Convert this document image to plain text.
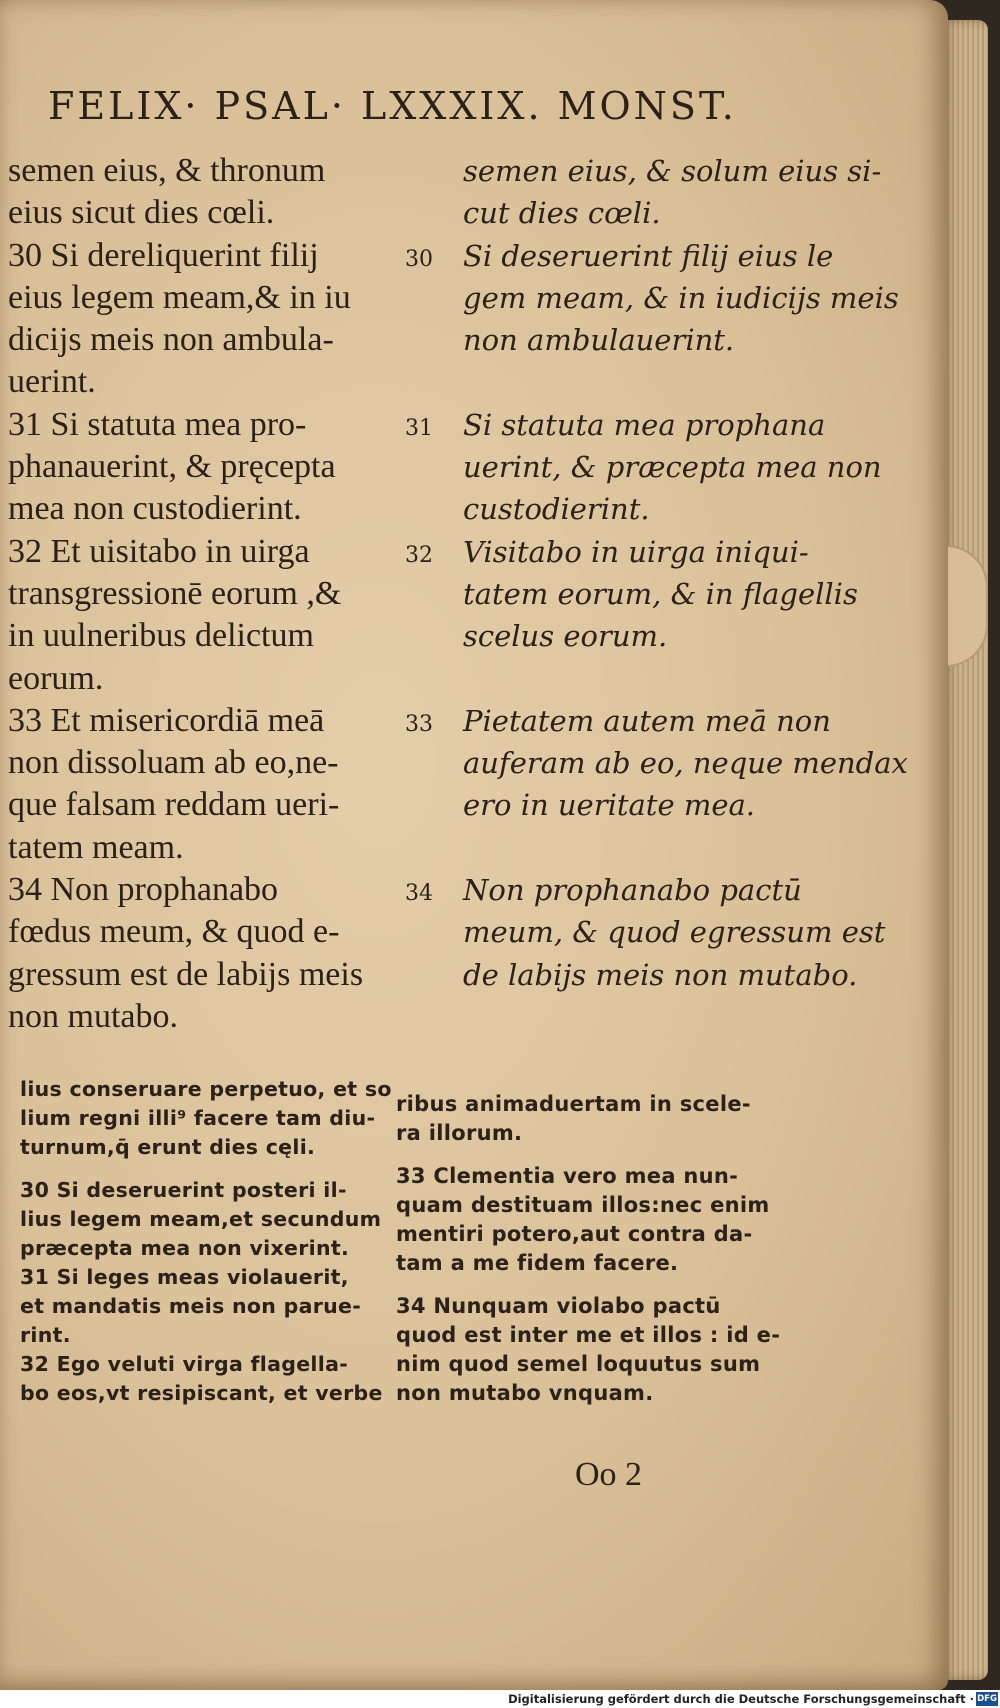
FELIX· PSAL· LXXXIX. MONST.
semen eius, & thronum
eius sicut dies cœli.
30 Si dereliquerint filij
eius legem meam,& in iu
dicijs meis non ambula-
uerint.
31 Si statuta mea pro-
phanauerint, & pręcepta
mea non custodierint.
32 Et uisitabo in uirga
transgressionē eorum ,&
in uulneribus delictum
eorum.
33 Et misericordiā meā
non dissoluam ab eo,ne-
que falsam reddam ueri-
tatem meam.
34 Non prophanabo
fœdus meum, & quod e-
gressum est de labijs meis
non mutabo.
semen eius, & solum eius si-
cut dies cœli.
30 Si deseruerint filij eius le
gem meam, & in iudicijs meis
non ambulauerint.
31 Si statuta mea prophana
uerint, & præcepta mea non
custodierint.
32 Visitabo in uirga iniqui-
tatem eorum, & in flagellis
scelus eorum.
33 Pietatem autem meā non
auferam ab eo, neque mendax
ero in ueritate mea.
34 Non prophanabo pactū
meum, & quod egressum est
de labijs meis non mutabo.
lius conseruare perpetuo, et so
lium regni illi⁹ facere tam diu-
turnum,q̄ erunt dies cęli.
30 Si deseruerint posteri il-
lius legem meam,et secundum
præcepta mea non vixerint.
31 Si leges meas violauerit,
et mandatis meis non parue-
rint.
32 Ego veluti virga flagella-
bo eos,vt resipiscant, et verbe
ribus animaduertam in scele-
ra illorum.
33 Clementia vero mea nun-
quam destituam illos:nec enim
mentiri potero,aut contra da-
tam a me fidem facere.
34 Nunquam violabo pactū
quod est inter me et illos : id e-
nim quod semel loquutus sum
non mutabo vnquam.
Oo 2
Digitalisierung gefördert durch die Deutsche Forschungsgemeinschaft · DFG
